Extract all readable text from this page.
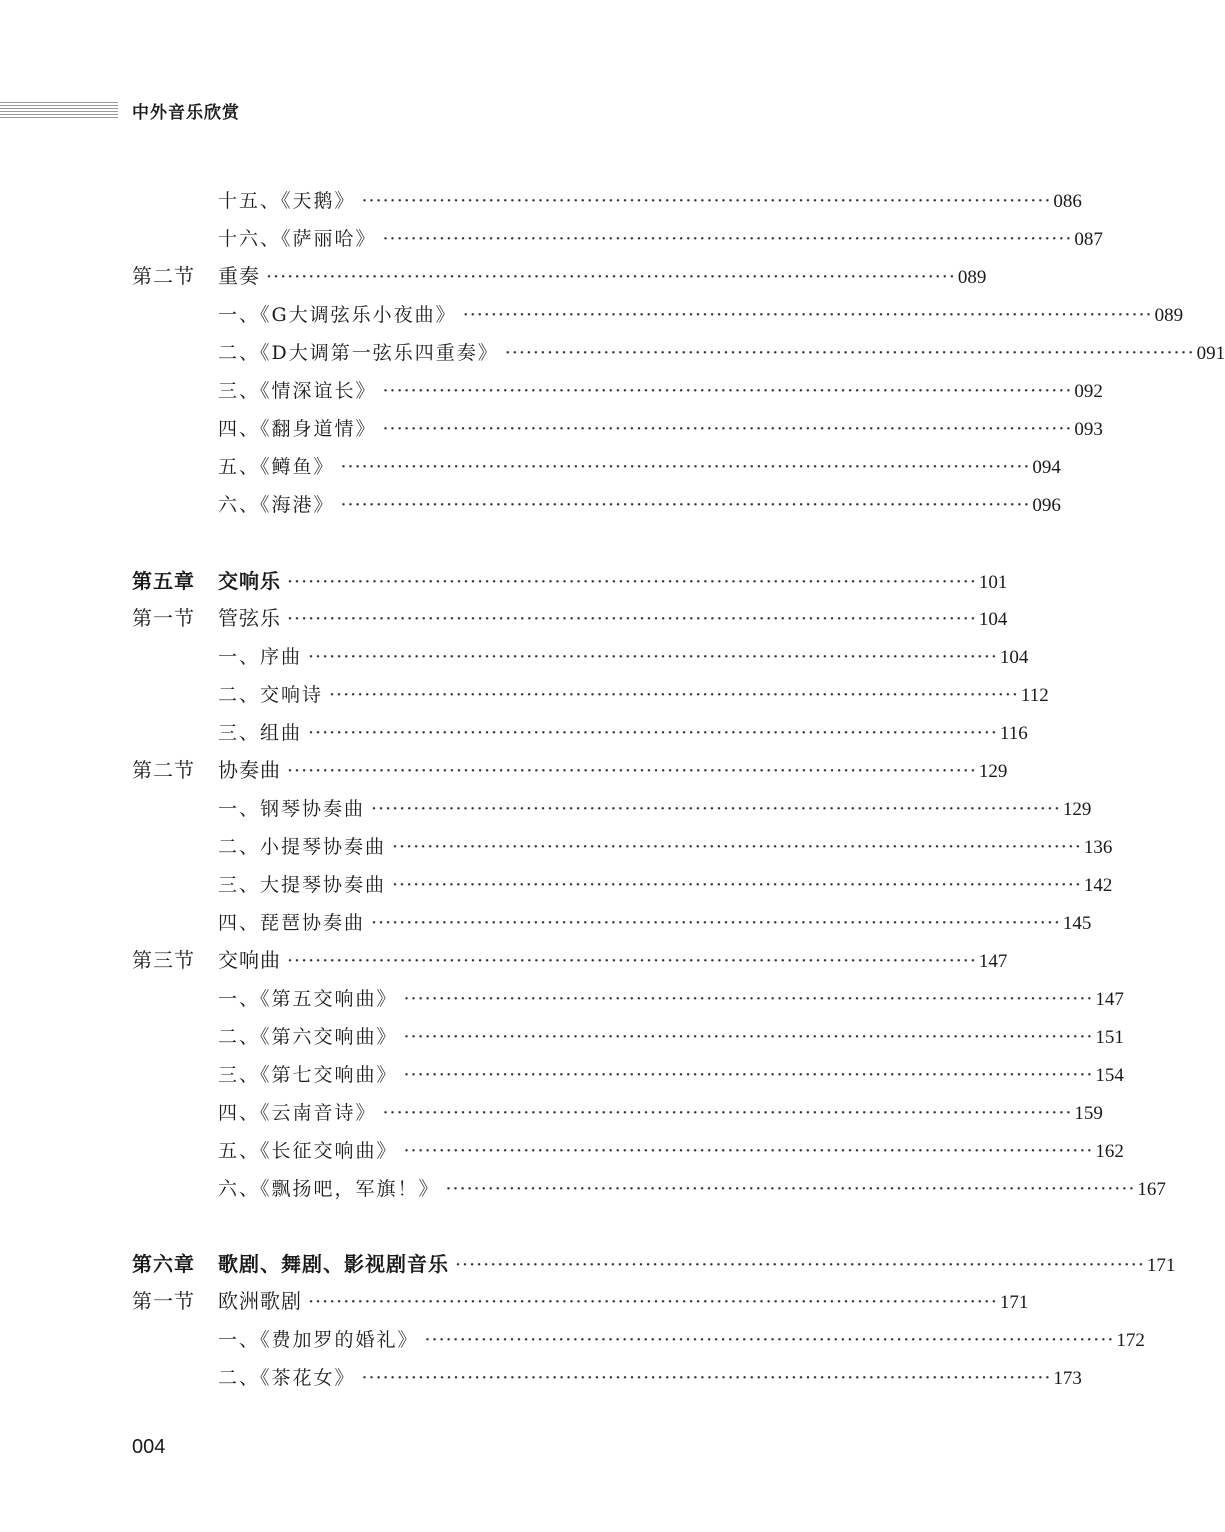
中外音乐欣赏
十五、《天鹅》 ·································································································· 086
十六、《萨丽哈》 ·································································································· 087
第二节 重奏 ·································································································· 089
一、《G大调弦乐小夜曲》 ·································································································· 089
二、《D大调第一弦乐四重奏》 ·································································································· 091
三、《情深谊长》 ·································································································· 092
四、《翻身道情》 ·································································································· 093
五、《鳟鱼》 ·································································································· 094
六、《海港》 ·································································································· 096
第五章 交响乐 ·································································································· 101
第一节 管弦乐 ·································································································· 104
一、序曲 ·································································································· 104
二、交响诗 ·································································································· 112
三、组曲 ·································································································· 116
第二节 协奏曲 ·································································································· 129
一、钢琴协奏曲 ·································································································· 129
二、小提琴协奏曲 ·································································································· 136
三、大提琴协奏曲 ·································································································· 142
四、琵琶协奏曲 ·································································································· 145
第三节 交响曲 ·································································································· 147
一、《第五交响曲》 ·································································································· 147
二、《第六交响曲》 ·································································································· 151
三、《第七交响曲》 ·································································································· 154
四、《云南音诗》 ·································································································· 159
五、《长征交响曲》 ·································································································· 162
六、《飘扬吧，军旗！》 ·································································································· 167
第六章 歌剧、舞剧、影视剧音乐 ·································································································· 171
第一节 欧洲歌剧 ·································································································· 171
一、《费加罗的婚礼》 ·································································································· 172
二、《茶花女》 ·································································································· 173
004
